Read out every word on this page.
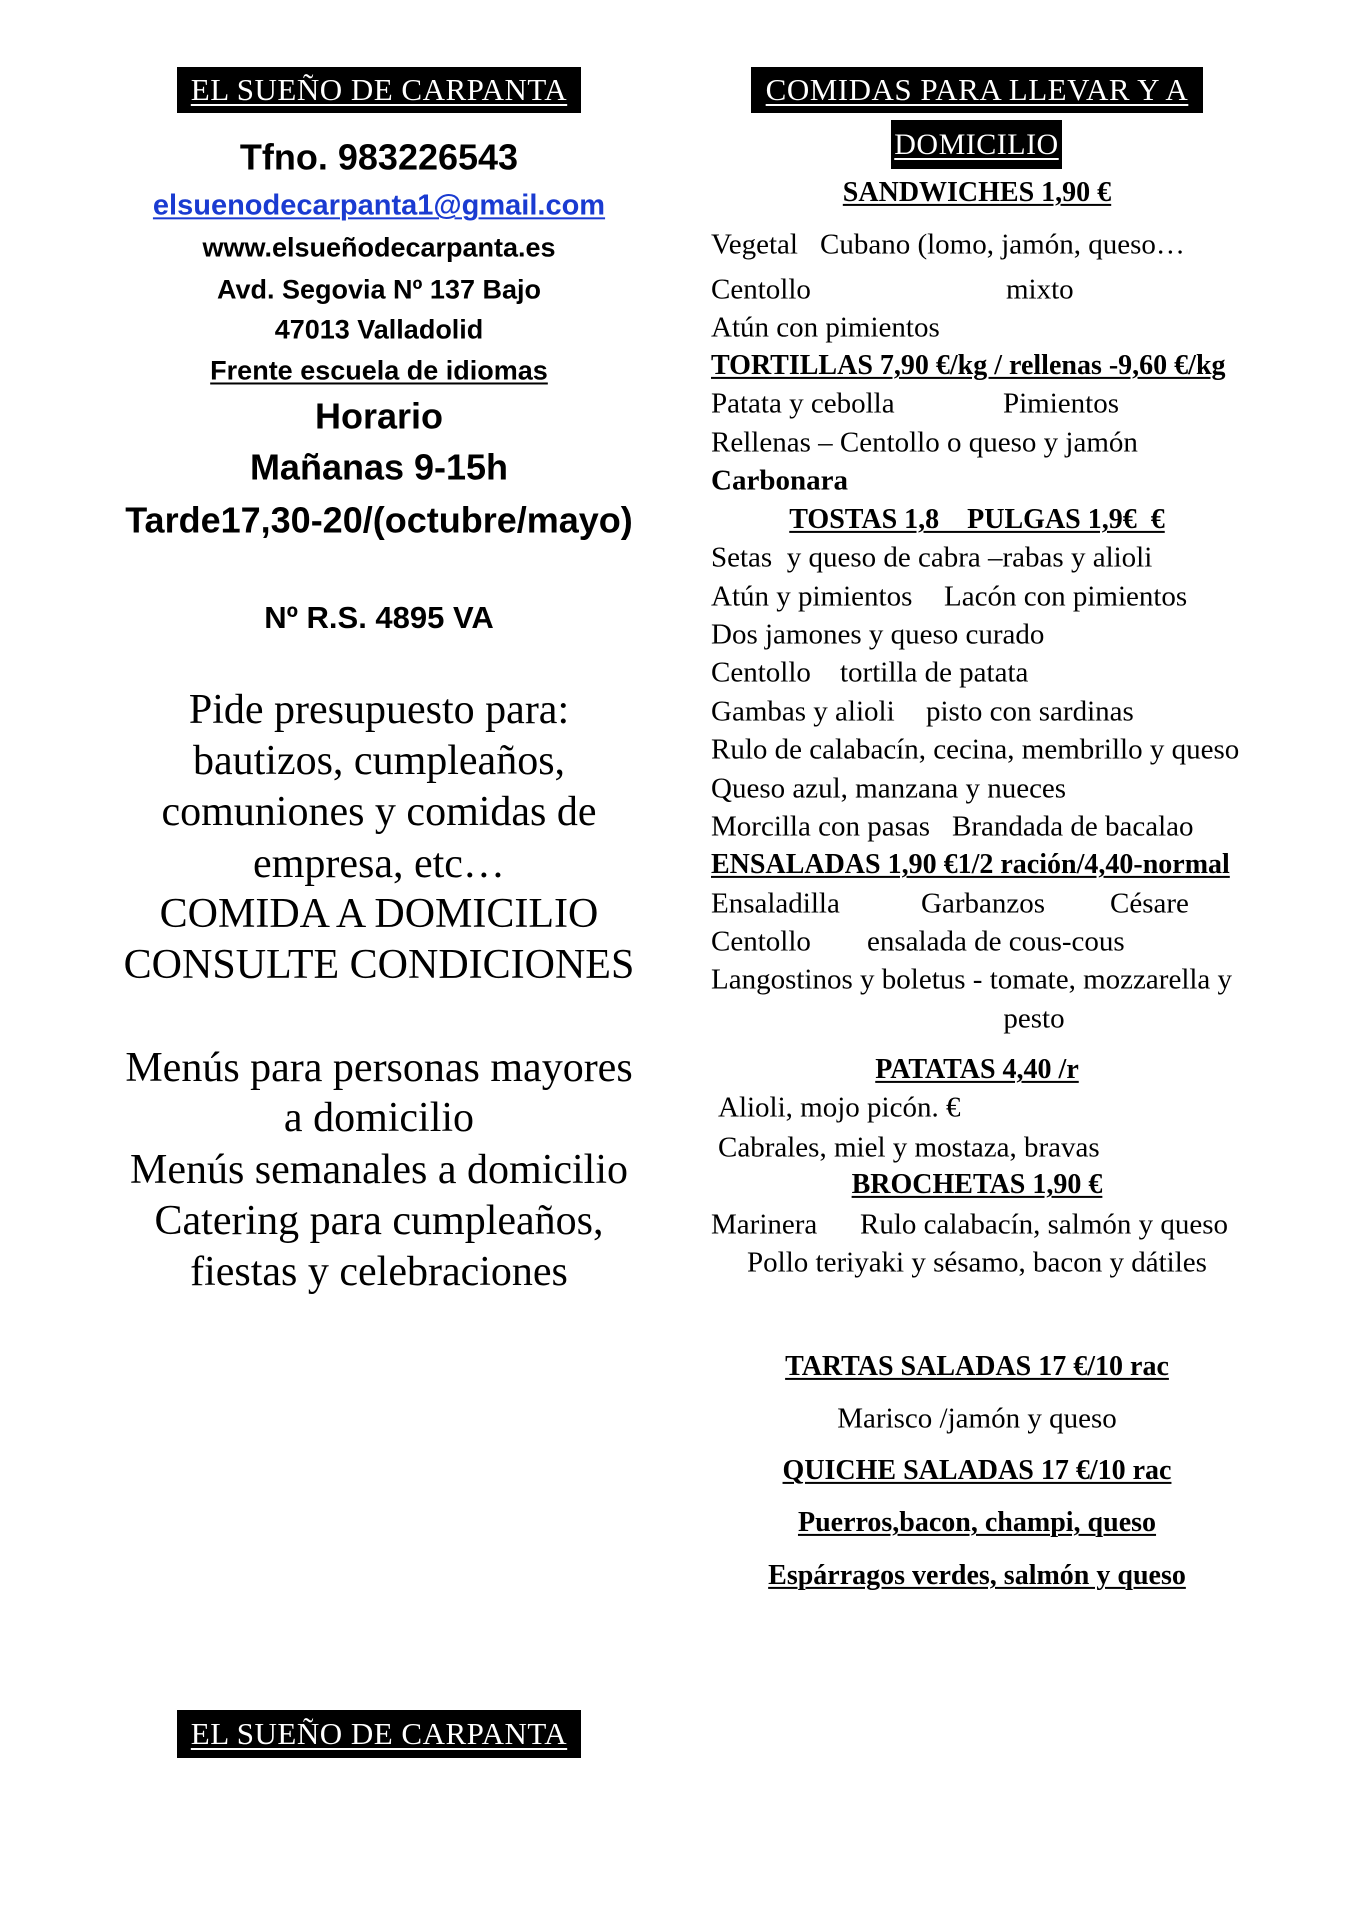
EL SUEÑO DE CARPANTA
Tfno. 983226543
elsuenodecarpanta1@gmail.com
www.elsueñodecarpanta.es
Avd. Segovia Nº 137 Bajo
47013 Valladolid
Frente escuela de idiomas
Horario
Mañanas 9-15h
Tarde17,30-20/(octubre/mayo)
Nº R.S. 4895 VA
Pide presupuesto para:
bautizos, cumpleaños,
comuniones y comidas de
empresa, etc…
COMIDA A DOMICILIO
CONSULTE CONDICIONES
Menús para personas mayores
a domicilio
Menús semanales a domicilio
Catering para cumpleaños,
fiestas y celebraciones
EL SUEÑO DE CARPANTA
COMIDAS PARA LLEVAR Y A
DOMICILIO
SANDWICHES 1,90 €
Vegetal Cubano (lomo, jamón, queso…
Centollo	mixto
Atún con pimientos
TORTILLAS 7,90 €/kg / rellenas -9,60 €/kg
Patata y cebolla	Pimientos
Rellenas – Centollo o queso y jamón
Carbonara
TOSTAS 1,8    PULGAS 1,9€  €
Setas  y queso de cabra –rabas y alioli
Atún y pimientos Lacón con pimientos
Dos jamones y queso curado
Centollo tortilla de patata
Gambas y alioli pisto con sardinas
Rulo de calabacín, cecina, membrillo y queso
Queso azul, manzana y nueces
Morcilla con pasas Brandada de bacalao
ENSALADAS 1,90 €1/2 ración/4,40-normal
Ensaladilla	Garbanzos Césare
Centollo ensalada de cous-cous
Langostinos y boletus - tomate, mozzarella y
pesto
PATATAS 4,40 /r
Alioli, mojo picón. €
Cabrales, miel y mostaza, bravas
BROCHETAS 1,90 €
Marinera Rulo calabacín, salmón y queso
Pollo teriyaki y sésamo, bacon y dátiles
TARTAS SALADAS 17 €/10 rac
Marisco /jamón y queso
QUICHE SALADAS 17 €/10 rac
Puerros,bacon, champi, queso
Espárragos verdes, salmón y queso
